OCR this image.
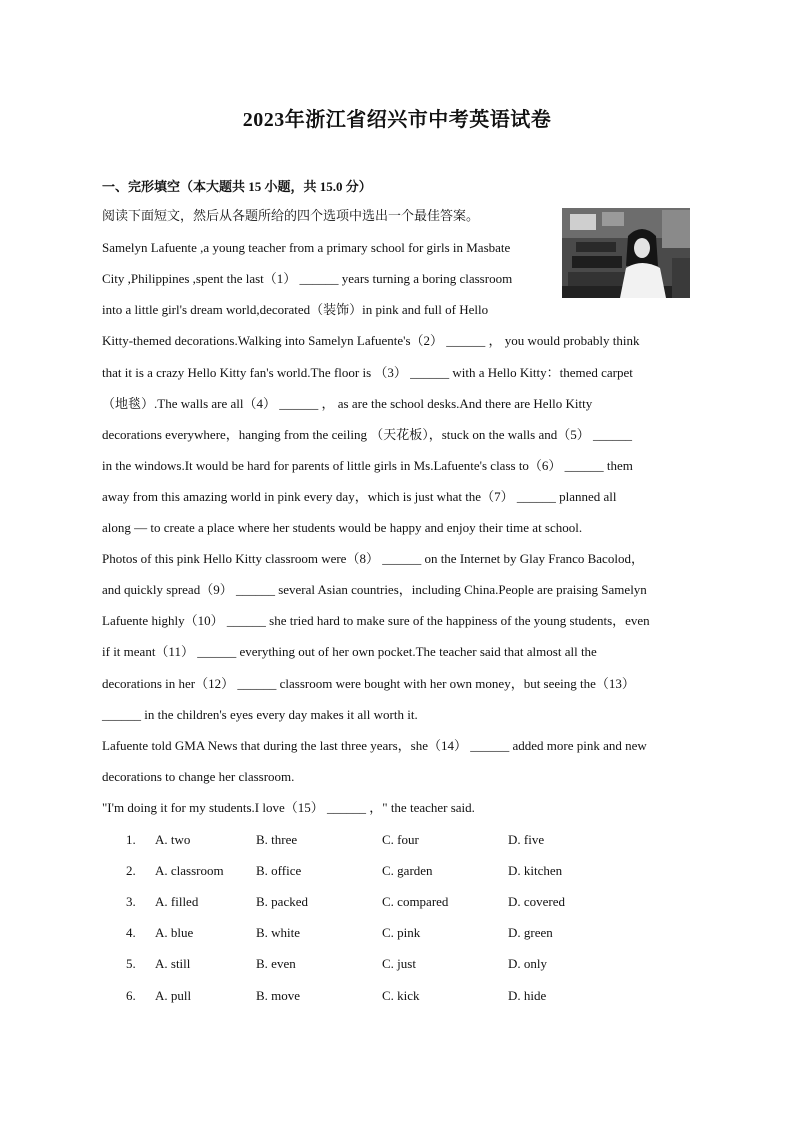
2023年浙江省绍兴市中考英语试卷
一、完形填空（本大题共 15 小题，共 15.0 分）
阅读下面短文，然后从各题所给的四个选项中选出一个最佳答案。
Samelyn Lafuente ,a young teacher from a primary school for girls in Masbate
City ,Philippines ,spent the last（1） ______ years turning a boring classroom
into a little girl's dream world,decorated（装饰）in pink and full of Hello
Kitty-themed decorations.Walking into Samelyn Lafuente's（2） ______ ， you would probably think
that it is a crazy Hello Kitty fan's world.The floor is （3） ______ with a Hello Kitty：themed carpet
（地毯）.The walls are all（4） ______ ， as are the school desks.And there are Hello Kitty
decorations everywhere，hanging from the ceiling （天花板），stuck on the walls and（5） ______
in the windows.It would be hard for parents of little girls in Ms.Lafuente's class to（6） ______ them
away from this amazing world in pink every day，which is just what the（7） ______ planned all
along — to create a place where her students would be happy and enjoy their time at school.
Photos of this pink Hello Kitty classroom were（8） ______ on the Internet by Glay Franco Bacolod，
and quickly spread（9） ______ several Asian countries，including China.People are praising Samelyn
Lafuente highly（10） ______ she tried hard to make sure of the happiness of the young students，even
if it meant（11） ______ everything out of her own pocket.The teacher said that almost all the
decorations in her（12） ______ classroom were bought with her own money，but seeing the（13）
______ in the children's eyes every day makes it all worth it.
Lafuente told GMA News that during the last three years，she（14） ______ added more pink and new
decorations to change her classroom.
"I'm doing it for my students.I love（15） ______ ，" the teacher said.
1. A. two	B. three	C. four	D. five
2. A. classroom B. office	C. garden	D. kitchen
3. A. filled	B. packed	C. compared	D. covered
4. A. blue	B. white	C. pink	D. green
5. A. still	B. even	C. just	D. only
6. A. pull	B. move	C. kick	D. hide
